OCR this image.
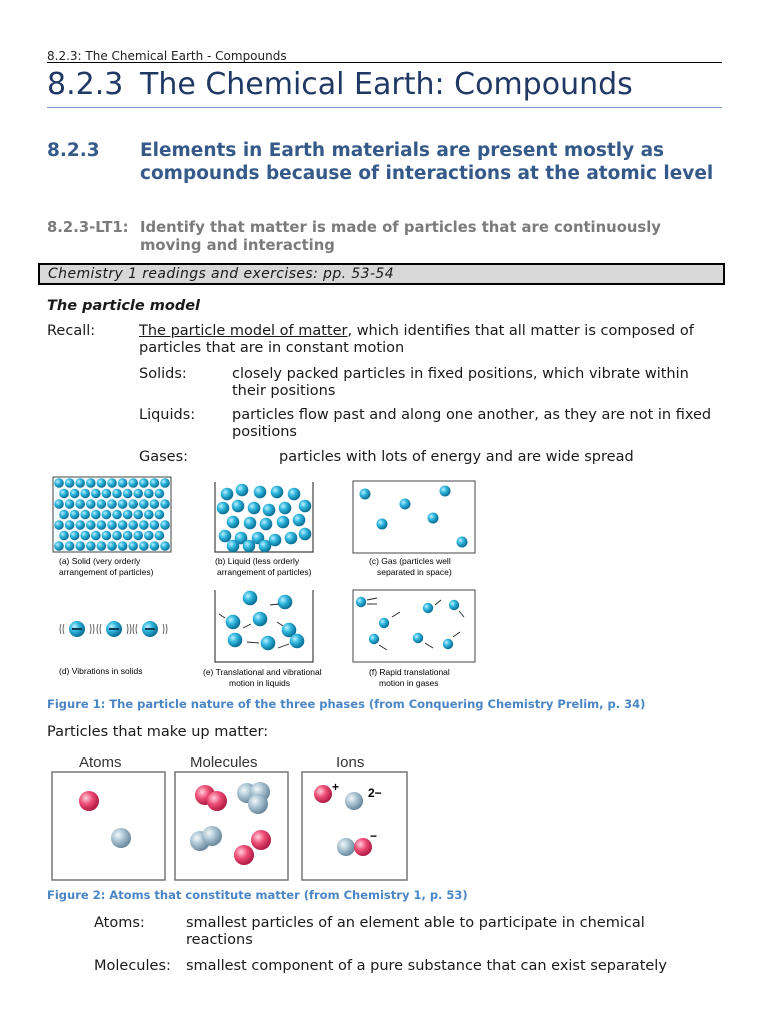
8.2.3: The Chemical Earth - Compounds
8.2.3 The Chemical Earth: Compounds
8.2.3 Elements in Earth materials are present mostly as compounds because of interactions at the atomic level
8.2.3-LT1: Identify that matter is made of particles that are continuously moving and interacting
Chemistry 1 readings and exercises: pp. 53-54
The particle model
Recall:	The particle model of matter, which identifies that all matter is composed of particles that are in constant motion
Solids:	closely packed particles in fixed positions, which vibrate within their positions
Liquids:	particles flow past and along one another, as they are not in fixed positions
Gases:	particles with lots of energy and are wide spread
(a) Solid (very orderly
arrangement of particles)
(b) Liquid (less orderly
arrangement of particles)
(c) Gas (particles well
separated in space)
(d) Vibrations in solids	(e) Translational and vibrational
motion in liquids
(f) Rapid translational
motion in gases
Figure 1: The particle nature of the three phases (from Conquering Chemistry Prelim, p. 34)
Particles that make up matter:
Atoms	Molecules	Ions
+ 2−
−
Figure 2: Atoms that constitute matter (from Chemistry 1, p. 53)
Atoms:	smallest particles of an element able to participate in chemical reactions
Molecules: smallest component of a pure substance that can exist separately
